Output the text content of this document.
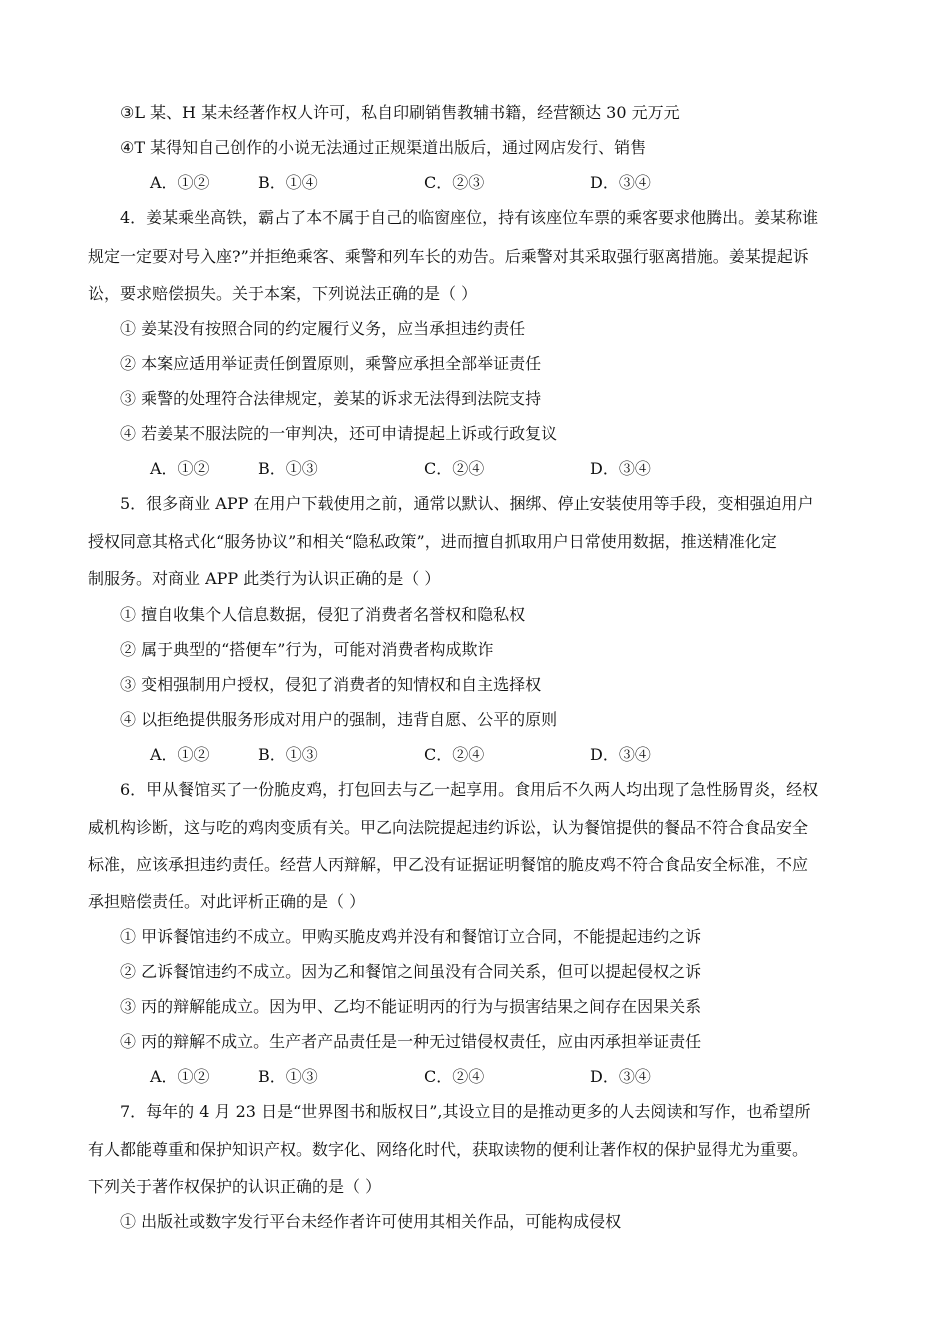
③L 某、H 某未经著作权人许可，私自印刷销售教辅书籍，经营额达 30 元万元
④T 某得知自己创作的小说无法通过正规渠道出版后，通过网店发行、销售
A．①②	B．①④	C．②③	D．③④
4．姜某乘坐高铁，霸占了本不属于自己的临窗座位，持有该座位车票的乘客要求他腾出。姜某称谁
规定一定要对号入座?”并拒绝乘客、乘警和列车长的劝告。后乘警对其采取强行驱离措施。姜某提起诉
讼，要求赔偿损失。关于本案，下列说法正确的是（ ）
① 姜某没有按照合同的约定履行义务，应当承担违约责任
② 本案应适用举证责任倒置原则，乘警应承担全部举证责任
③ 乘警的处理符合法律规定，姜某的诉求无法得到法院支持
④ 若姜某不服法院的一审判决，还可申请提起上诉或行政复议
A．①②	B．①③	C．②④	D．③④
5．很多商业 APP 在用户下载使用之前，通常以默认、捆绑、停止安装使用等手段，变相强迫用户
授权同意其格式化“服务协议”和相关“隐私政策”，进而擅自抓取用户日常使用数据，推送精准化定
制服务。对商业 APP 此类行为认识正确的是（ ）
① 擅自收集个人信息数据，侵犯了消费者名誉权和隐私权
② 属于典型的“搭便车”行为，可能对消费者构成欺诈
③ 变相强制用户授权，侵犯了消费者的知情权和自主选择权
④ 以拒绝提供服务形成对用户的强制，违背自愿、公平的原则
A．①②	B．①③	C．②④	D．③④
6．甲从餐馆买了一份脆皮鸡，打包回去与乙一起享用。食用后不久两人均出现了急性肠胃炎，经权
威机构诊断，这与吃的鸡肉变质有关。甲乙向法院提起违约诉讼，认为餐馆提供的餐品不符合食品安全
标准，应该承担违约责任。经营人丙辩解，甲乙没有证据证明餐馆的脆皮鸡不符合食品安全标准，不应
承担赔偿责任。对此评析正确的是（ ）
① 甲诉餐馆违约不成立。甲购买脆皮鸡并没有和餐馆订立合同，不能提起违约之诉
② 乙诉餐馆违约不成立。因为乙和餐馆之间虽没有合同关系，但可以提起侵权之诉
③ 丙的辩解能成立。因为甲、乙均不能证明丙的行为与损害结果之间存在因果关系
④ 丙的辩解不成立。生产者产品责任是一种无过错侵权责任，应由丙承担举证责任
A．①②	B．①③	C．②④	D．③④
7．每年的 4 月 23 日是“世界图书和版权日”,其设立目的是推动更多的人去阅读和写作，也希望所
有人都能尊重和保护知识产权。数字化、网络化时代，获取读物的便利让著作权的保护显得尤为重要。
下列关于著作权保护的认识正确的是（ ）
① 出版社或数字发行平台未经作者许可使用其相关作品，可能构成侵权
